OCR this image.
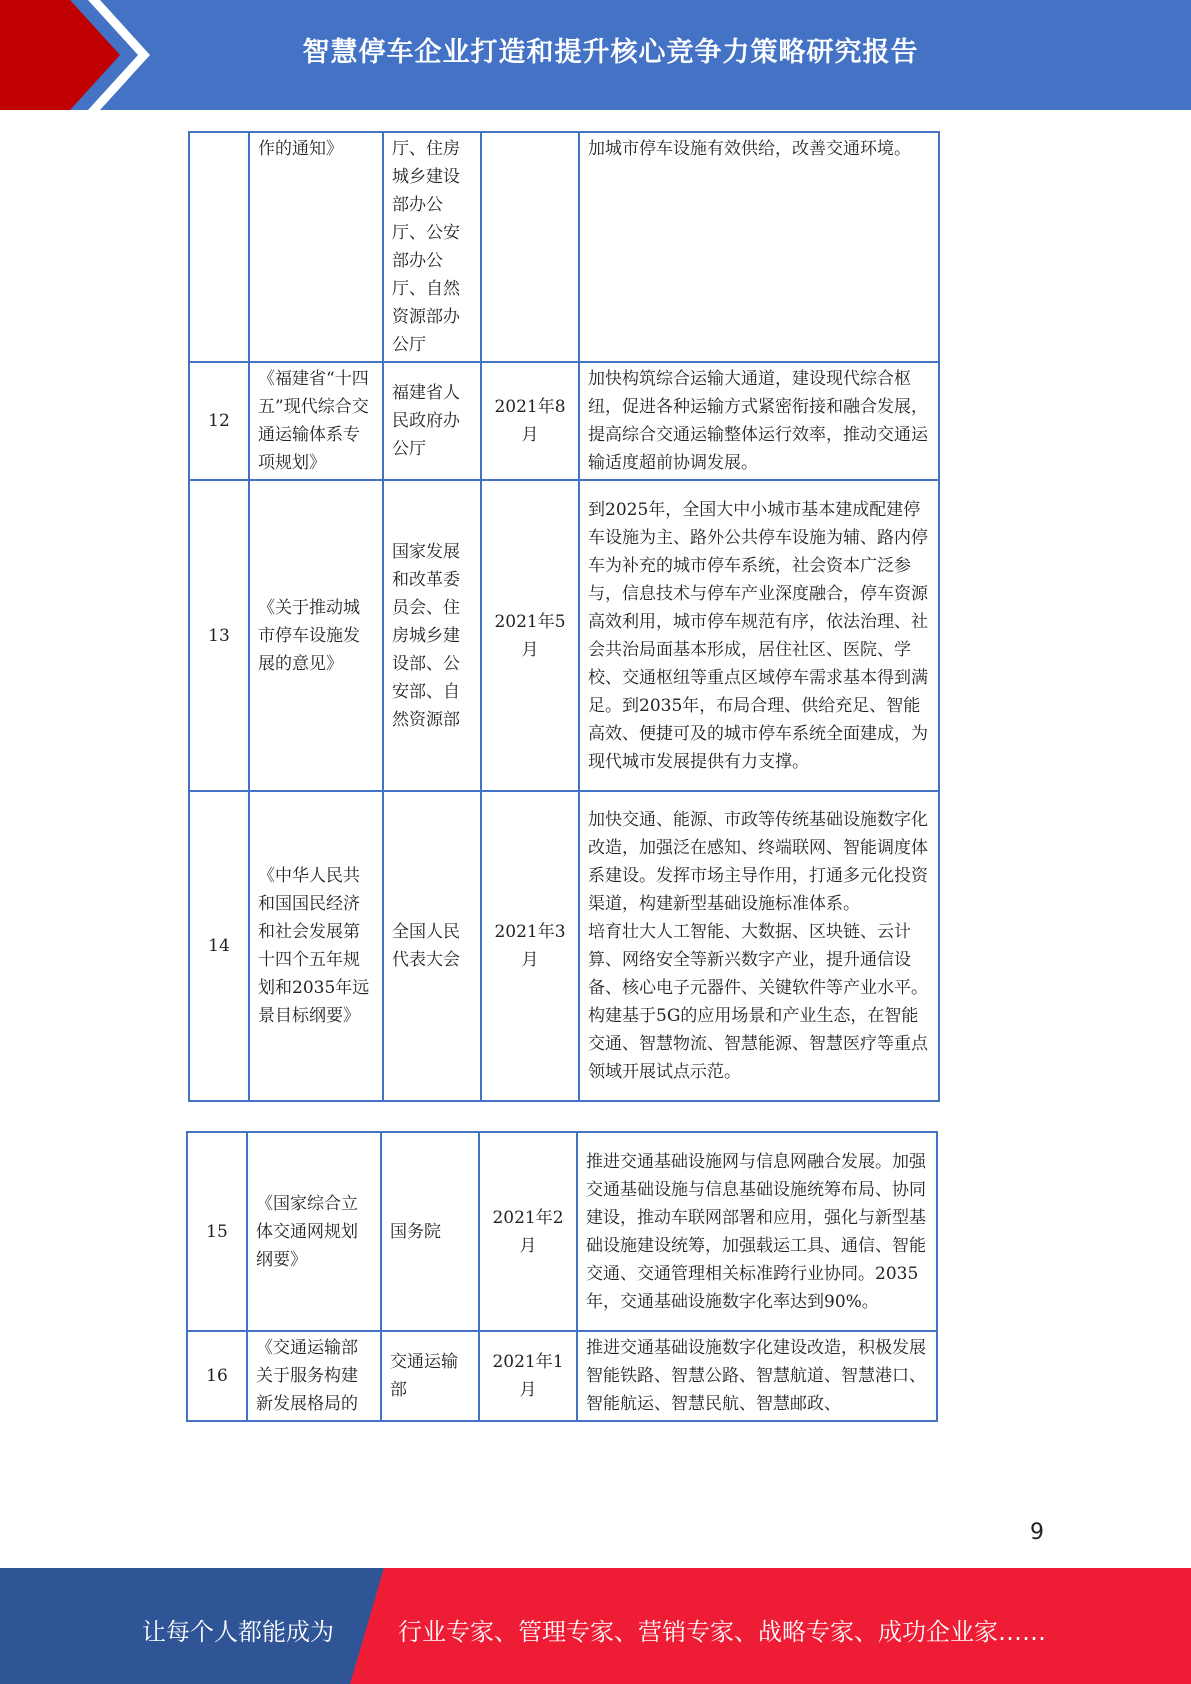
智慧停车企业打造和提升核心竞争力策略研究报告
	作的通知》	厅、住房城乡建设部办公厅、公安部办公厅、自然资源部办公厅		加城市停车设施有效供给，改善交通环境。
12	《福建省“十四五”现代综合交通运输体系专项规划》	福建省人民政府办公厅	2021年8月	加快构筑综合运输大通道，建设现代综合枢纽，促进各种运输方式紧密衔接和融合发展，提高综合交通运输整体运行效率，推动交通运输适度超前协调发展。
13	《关于推动城市停车设施发展的意见》	国家发展和改革委员会、住房城乡建设部、公安部、自然资源部	2021年5月	到2025年，全国大中小城市基本建成配建停车设施为主、路外公共停车设施为辅、路内停车为补充的城市停车系统，社会资本广泛参与，信息技术与停车产业深度融合，停车资源高效利用，城市停车规范有序，依法治理、社会共治局面基本形成，居住社区、医院、学校、交通枢纽等重点区域停车需求基本得到满足。到2035年，布局合理、供给充足、智能高效、便捷可及的城市停车系统全面建成，为现代城市发展提供有力支撑。
14	《中华人民共和国国民经济和社会发展第十四个五年规划和2035年远景目标纲要》	全国人民代表大会	2021年3月	加快交通、能源、市政等传统基础设施数字化改造，加强泛在感知、终端联网、智能调度体系建设。发挥市场主导作用，打通多元化投资渠道，构建新型基础设施标准体系。
培育壮大人工智能、大数据、区块链、云计算、网络安全等新兴数字产业，提升通信设备、核心电子元器件、关键软件等产业水平。构建基于5G的应用场景和产业生态，在智能交通、智慧物流、智慧能源、智慧医疗等重点领域开展试点示范。
15	《国家综合立体交通网规划纲要》	国务院	2021年2月	推进交通基础设施网与信息网融合发展。加强交通基础设施与信息基础设施统筹布局、协同建设，推动车联网部署和应用，强化与新型基础设施建设统筹，加强载运工具、通信、智能交通、交通管理相关标准跨行业协同。2035年，交通基础设施数字化率达到90%。
16	《交通运输部关于服务构建新发展格局的	交通运输部	2021年1月	推进交通基础设施数字化建设改造，积极发展智能铁路、智慧公路、智慧航道、智慧港口、智能航运、智慧民航、智慧邮政、
9
让每个人都能成为	行业专家、管理专家、营销专家、战略专家、成功企业家……
